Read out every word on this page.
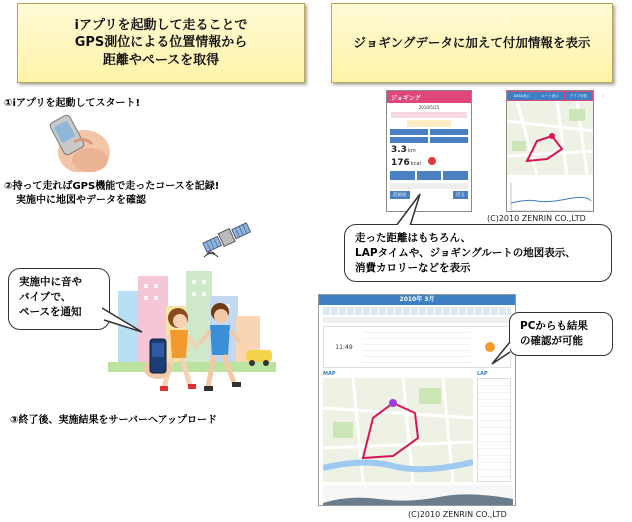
iアプリを起動して走ることで
GPS測位による位置情報から
距離やペースを取得
ジョギングデータに加えて付加情報を表示
①iアプリを起動してスタート!
②持って走ればGPS機能で走ったコースを記録!
実施中に地図やデータを確認
実施中に音や
バイブで、
ペースを通知
③終了後、実施結果をサーバーへアップロード
ジョギング
2010/5/25
3.3 km
176 kcal
前画面	戻る
DATA表示	ルート表示	グラフ切替

(C)2010 ZENRIN CO.,LTD
走った距離はもちろん、
LAPタイムや、ジョギングルートの地図表示、
消費カロリーなどを表示
2010年 3月
11:49
MAP	LAP
PCからも結果
の確認が可能
(C)2010 ZENRIN CO.,LTD
